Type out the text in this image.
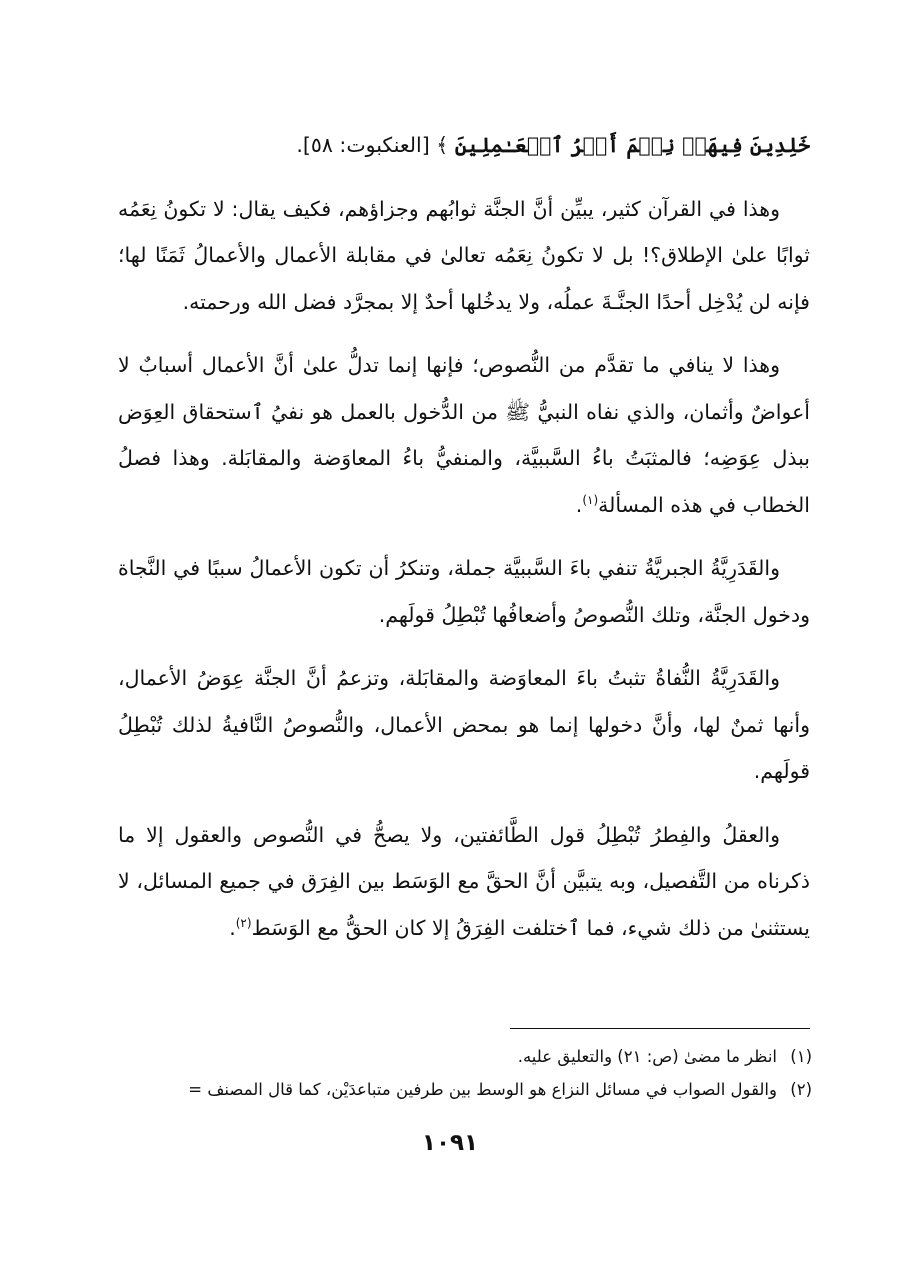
خَلِدِينَ فِيهَاۚ نِعۡمَ أَجۡرُ ٱلۡعَـٰمِلِينَ ﴾ [العنكبوت: ٥٨].

وهذا في القرآن كثير، يبيِّن أنَّ الجنَّة ثوابُهم وجزاؤهم، فكيف يقال: لا تكونُ نِعَمُه ثوابًا علىٰ الإطلاق؟! بل لا تكونُ نِعَمُه تعالىٰ في مقابلة الأعمال والأعمالُ ثَمَنًا لها؛ فإنه لن يُدْخِل أحدًا الجنَّـةَ عملُه، ولا يدخُلها أحدٌ إلا بمجرَّد فضل الله ورحمته.

وهذا لا ينافي ما تقدَّم من النُّصوص؛ فإنها إنما تدلُّ علىٰ أنَّ الأعمال أسبابٌ لا أعواضٌ وأثمان، والذي نفاه النبيُّ ﷺ من الدُّخول بالعمل هو نفيُ ٱستحقاق العِوَض ببذل عِوَضِه؛ فالمثبَتُ باءُ السَّببيَّة، والمنفيُّ باءُ المعاوَضة والمقابَلة. وهذا فصلُ الخطاب في هذه المسألة$^{(١)}$.

والقَدَرِيَّةُ الجبريَّةُ تنفي باءَ السَّببيَّة جملة، وتنكرُ أن تكون الأعمالُ سببًا في النَّجاة ودخول الجنَّة، وتلك النُّصوصُ وأضعافُها تُبْطِلُ قولَهم.

والقَدَرِيَّةُ النُّفاةُ تثبتُ باءَ المعاوَضة والمقابَلة، وتزعمُ أنَّ الجنَّة عِوَضُ الأعمال، وأنها ثمنٌ لها، وأنَّ دخولها إنما هو بمحض الأعمال، والنُّصوصُ النَّافيةُ لذلك تُبْطِلُ قولَهم.

والعقلُ والفِطرُ تُبْطِلُ قول الطَّائفتين، ولا يصحُّ في النُّصوص والعقول إلا ما ذكرناه من التَّفصيل، وبه يتبيَّن أنَّ الحقَّ مع الوَسَط بين الفِرَق في جميع المسائل، لا يستثنىٰ من ذلك شيء، فما ٱختلفت الفِرَقُ إلا كان الحقُّ مع الوَسَط$^{(٢)}$.

(١) انظر ما مضىٰ (ص: ٢١) والتعليق عليه.
(٢) والقول الصواب في مسائل النزاع هو الوسط بين طرفين متباعدَيْن، كما قال المصنف =
١٠٩١
